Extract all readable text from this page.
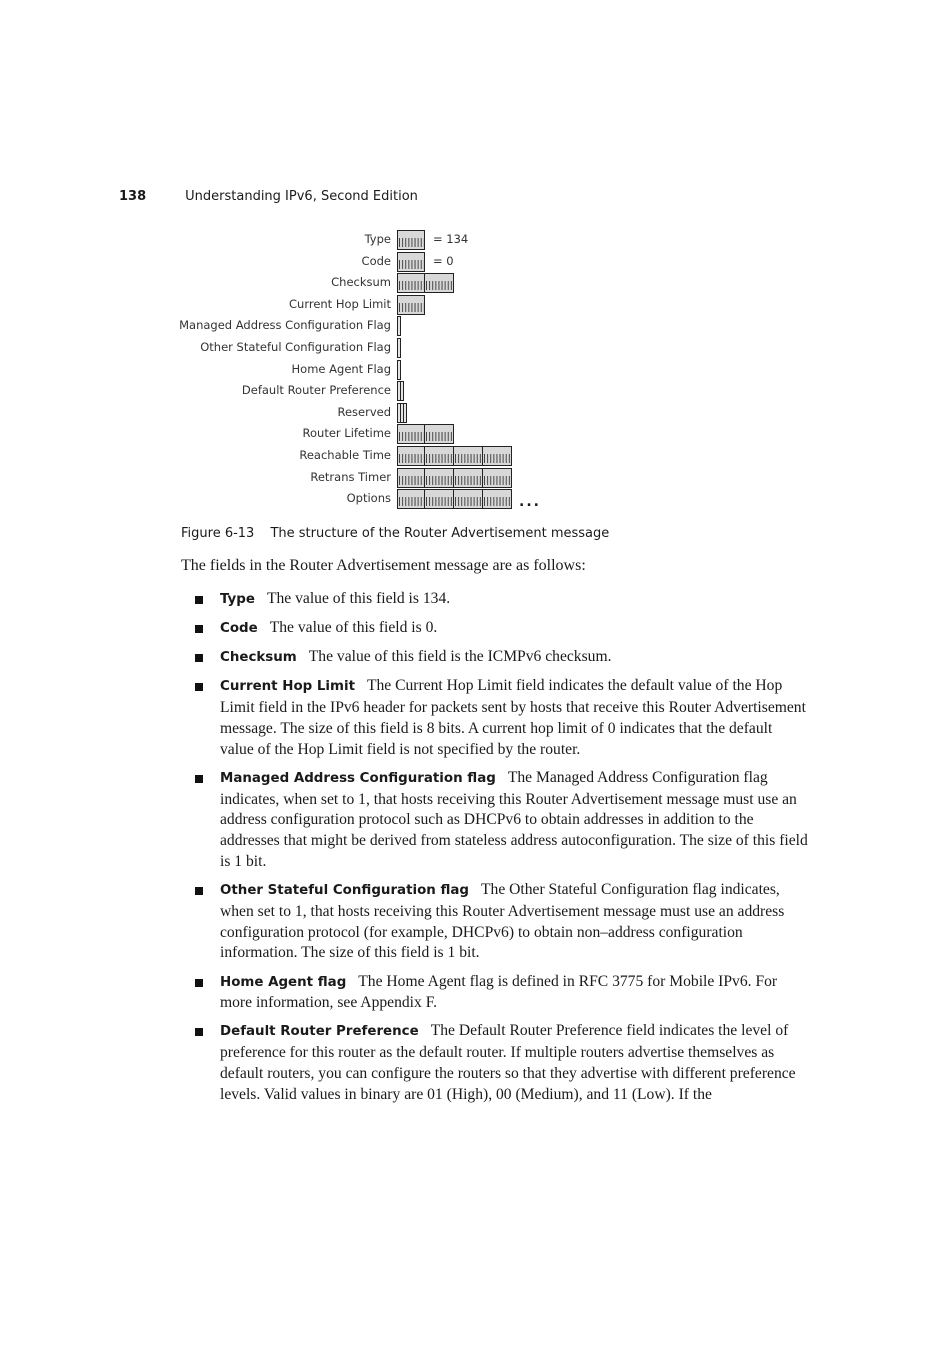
138	Understanding IPv6, Second Edition
Type	= 134
Code	= 0
Checksum
Current Hop Limit
Managed Address Configuration Flag
Other Stateful Configuration Flag
Home Agent Flag
Default Router Preference
Reserved
Router Lifetime
Reachable Time
Retrans Timer
Options	...
Figure 6-13 The structure of the Router Advertisement message
The fields in the Router Advertisement message are as follows:
Type The value of this field is 134.
Code The value of this field is 0.
Checksum The value of this field is the ICMPv6 checksum.
Current Hop Limit The Current Hop Limit field indicates the default value of the Hop Limit field in the IPv6 header for packets sent by hosts that receive this Router Advertisement message. The size of this field is 8 bits. A current hop limit of 0 indicates that the default value of the Hop Limit field is not specified by the router.
Managed Address Configuration flag The Managed Address Configuration flag indicates, when set to 1, that hosts receiving this Router Advertisement message must use an address configuration protocol such as DHCPv6 to obtain addresses in addition to the addresses that might be derived from stateless address autoconfiguration. The size of this field is 1 bit.
Other Stateful Configuration flag The Other Stateful Configuration flag indicates, when set to 1, that hosts receiving this Router Advertisement message must use an address configuration protocol (for example, DHCPv6) to obtain non–address configuration information. The size of this field is 1 bit.
Home Agent flag The Home Agent flag is defined in RFC 3775 for Mobile IPv6. For more information, see Appendix F.
Default Router Preference The Default Router Preference field indicates the level of preference for this router as the default router. If multiple routers advertise themselves as default routers, you can configure the routers so that they advertise with different preference levels. Valid values in binary are 01 (High), 00 (Medium), and 11 (Low). If the
